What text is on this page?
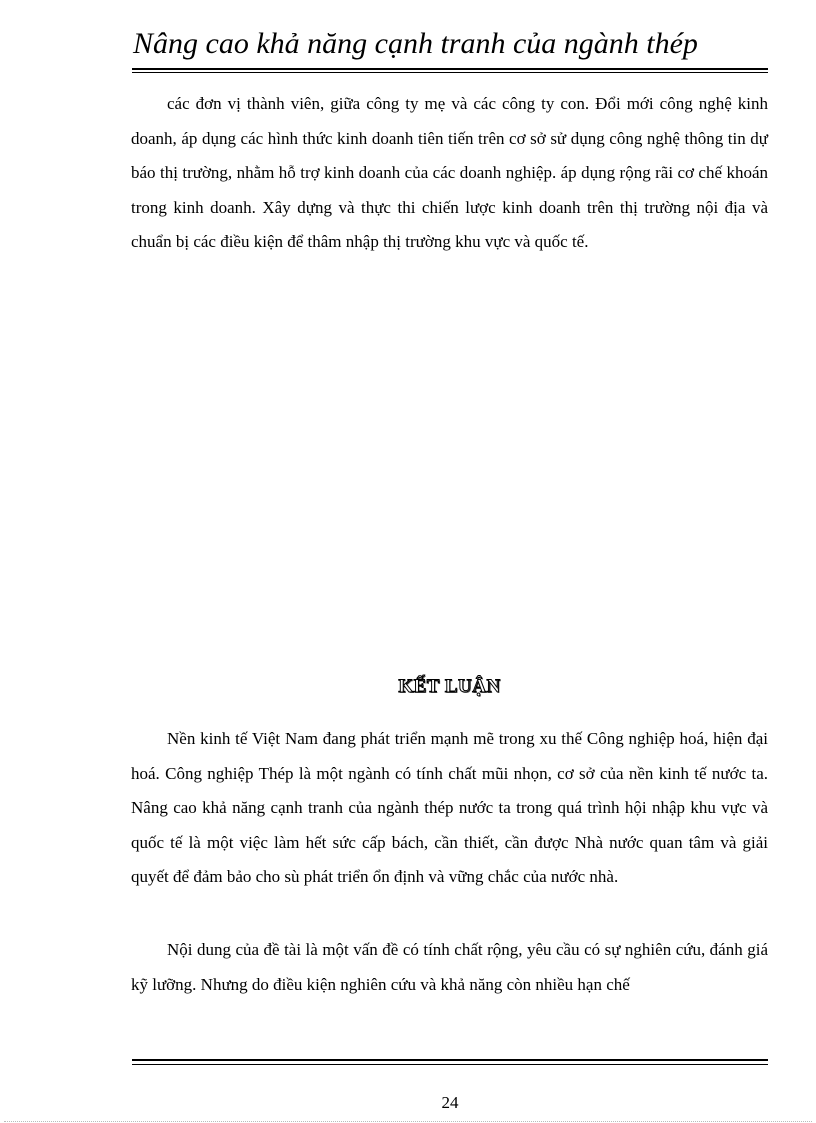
Nâng cao khả năng cạnh tranh của ngành thép

các đơn vị thành viên, giữa công ty mẹ và các công ty con. Đổi mới công nghệ kinh doanh, áp dụng các hình thức kinh doanh tiên tiến trên cơ sở sử dụng công nghệ thông tin dự báo thị trường, nhằm hỗ trợ kinh doanh của các doanh nghiệp. áp dụng rộng rãi cơ chế khoán trong kinh doanh. Xây dựng và thực thi chiến lược kinh doanh trên thị trường nội địa và chuẩn bị các điều kiện để thâm nhập thị trường khu vực và quốc tế.

KẾT LUẬN

Nền kinh tế Việt Nam đang phát triển mạnh mẽ trong xu thế Công nghiệp hoá, hiện đại hoá. Công nghiệp Thép là một ngành có tính chất mũi nhọn, cơ sở của nền kinh tế nước ta. Nâng cao khả năng cạnh tranh của ngành thép nước ta trong quá trình hội nhập khu vực và quốc tế là một việc làm hết sức cấp bách, cần thiết, cần được Nhà nước quan tâm và giải quyết để đảm bảo cho sù phát triển ổn định và vững chắc của nước nhà.

Nội dung của đề tài là một vấn đề có tính chất rộng, yêu cầu có sự nghiên cứu, đánh giá kỹ lưỡng. Nhưng do điều kiện nghiên cứu và khả năng còn nhiều hạn chế

24
